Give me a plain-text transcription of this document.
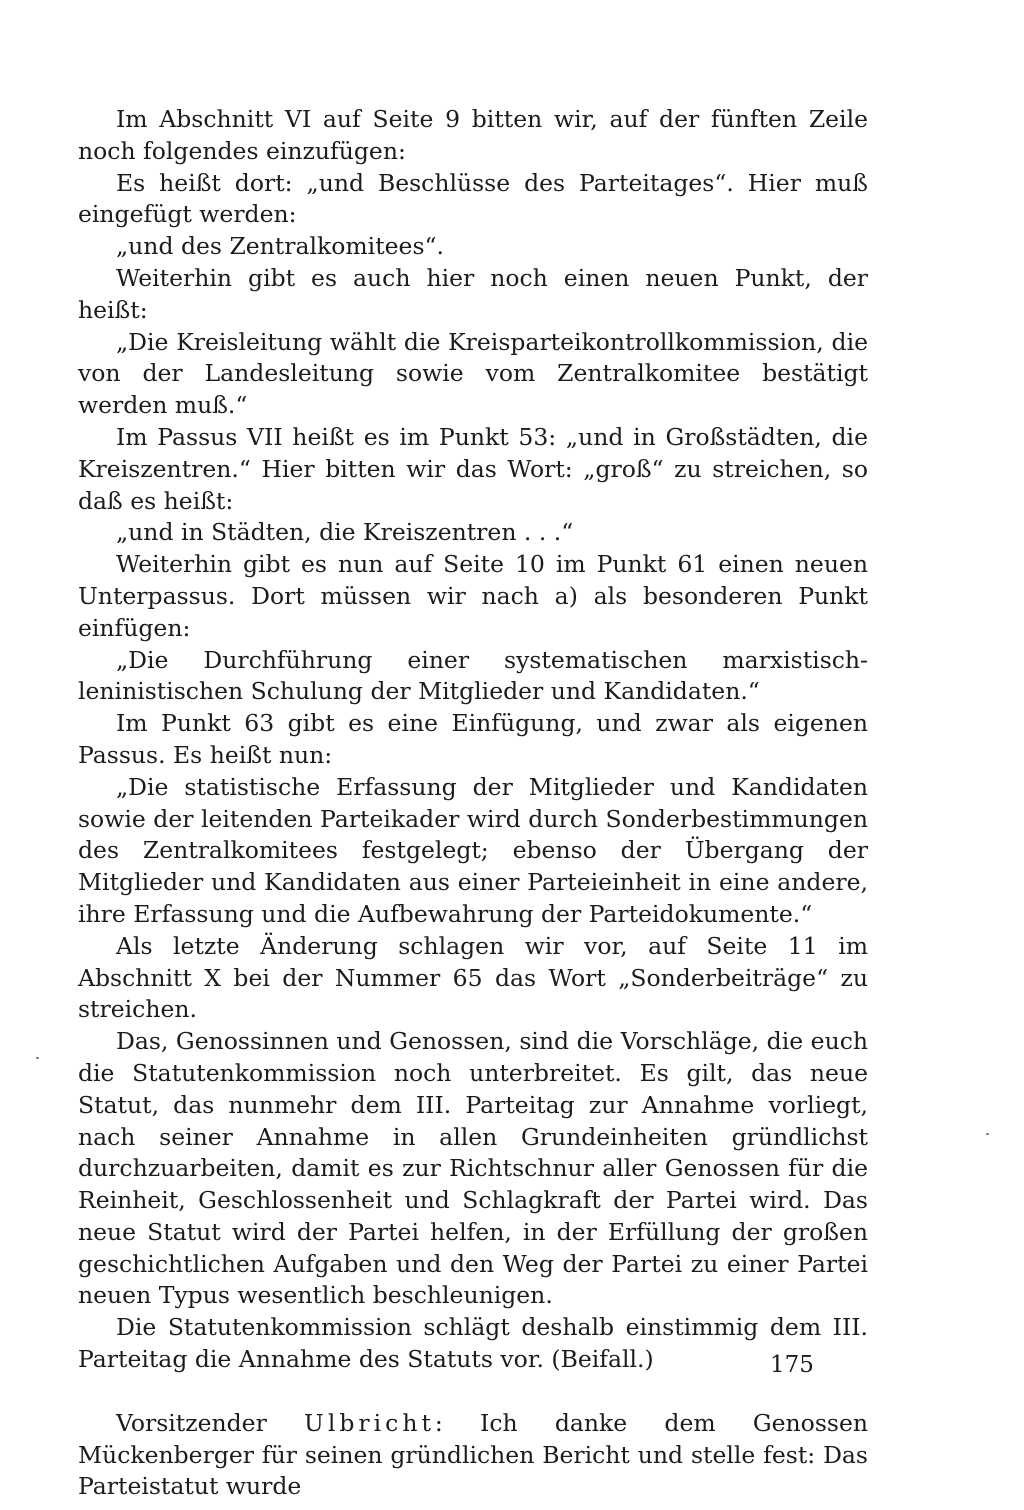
Im Abschnitt VI auf Seite 9 bitten wir, auf der fünften Zeile noch folgendes einzufügen:

Es heißt dort: „und Beschlüsse des Parteitages“. Hier muß eingefügt werden:

„und des Zentralkomitees“.

Weiterhin gibt es auch hier noch einen neuen Punkt, der heißt:

„Die Kreisleitung wählt die Kreisparteikontrollkommission, die von der Landesleitung sowie vom Zentralkomitee bestätigt werden muß.“

Im Passus VII heißt es im Punkt 53: „und in Großstädten, die Kreiszentren.“ Hier bitten wir das Wort: „groß“ zu streichen, so daß es heißt:

„und in Städten, die Kreiszentren . . .“

Weiterhin gibt es nun auf Seite 10 im Punkt 61 einen neuen Unterpassus. Dort müssen wir nach a) als besonderen Punkt einfügen:

„Die Durchführung einer systematischen marxistisch-leninistischen Schulung der Mitglieder und Kandidaten.“

Im Punkt 63 gibt es eine Einfügung, und zwar als eigenen Passus. Es heißt nun:

„Die statistische Erfassung der Mitglieder und Kandidaten sowie der leitenden Parteikader wird durch Sonderbestimmungen des Zentralkomitees festgelegt; ebenso der Übergang der Mitglieder und Kandidaten aus einer Parteieinheit in eine andere, ihre Erfassung und die Aufbewahrung der Parteidokumente.“

Als letzte Änderung schlagen wir vor, auf Seite 11 im Abschnitt X bei der Nummer 65 das Wort „Sonderbeiträge“ zu streichen.

Das, Genossinnen und Genossen, sind die Vorschläge, die euch die Statutenkommission noch unterbreitet. Es gilt, das neue Statut, das nunmehr dem III. Parteitag zur Annahme vorliegt, nach seiner Annahme in allen Grundeinheiten gründlichst durchzuarbeiten, damit es zur Richtschnur aller Genossen für die Reinheit, Geschlossenheit und Schlagkraft der Partei wird. Das neue Statut wird der Partei helfen, in der Erfüllung der großen geschichtlichen Aufgaben und den Weg der Partei zu einer Partei neuen Typus wesentlich beschleunigen.

Die Statutenkommission schlägt deshalb einstimmig dem III. Parteitag die Annahme des Statuts vor. (Beifall.)

Vorsitzender Ulbricht: Ich danke dem Genossen Mückenberger für seinen gründlichen Bericht und stelle fest: Das Parteistatut wurde

175
